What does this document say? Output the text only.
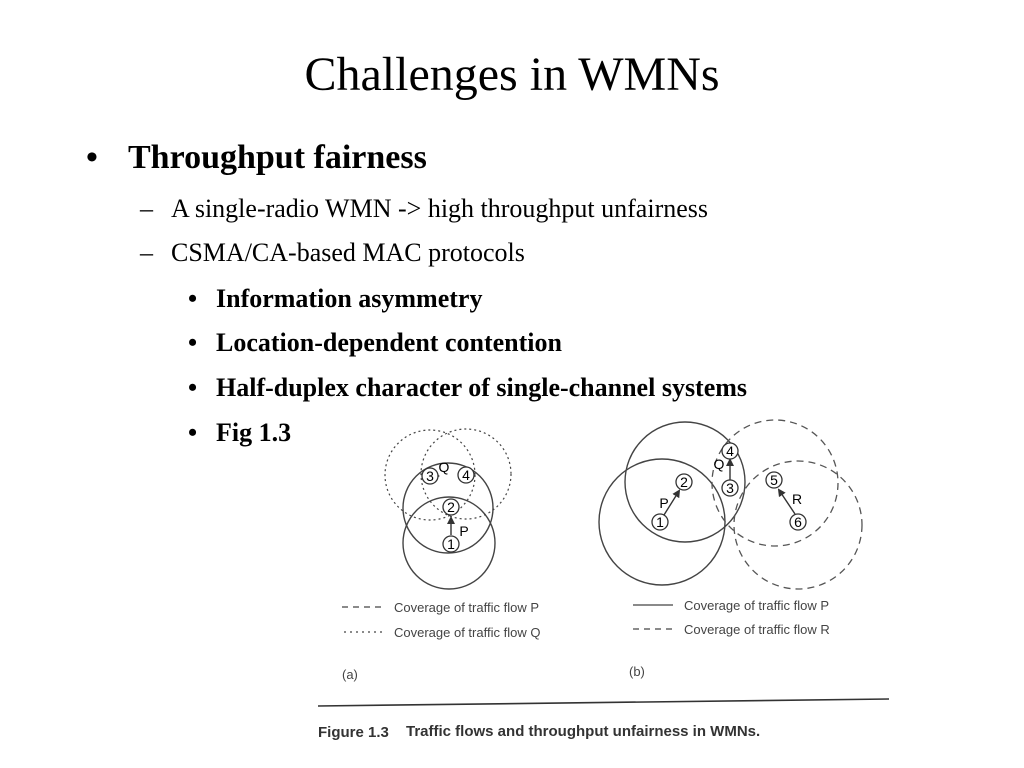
Challenges in WMNs
• Throughput fairness
– A single-radio WMN -> high throughput unfairness
– CSMA/CA-based MAC protocols
• Information asymmetry
• Location-dependent contention
• Half-duplex character of single-channel systems
• Fig 1.3
3 4
2
1
Q
P
Coverage of traffic flow P
Coverage of traffic flow Q
(a)
1
2	3
4
5
6
P
Q
R
Coverage of traffic flow P
Coverage of traffic flow R
(b)
Figure 1.3 Traffic flows and throughput unfairness in WMNs.
